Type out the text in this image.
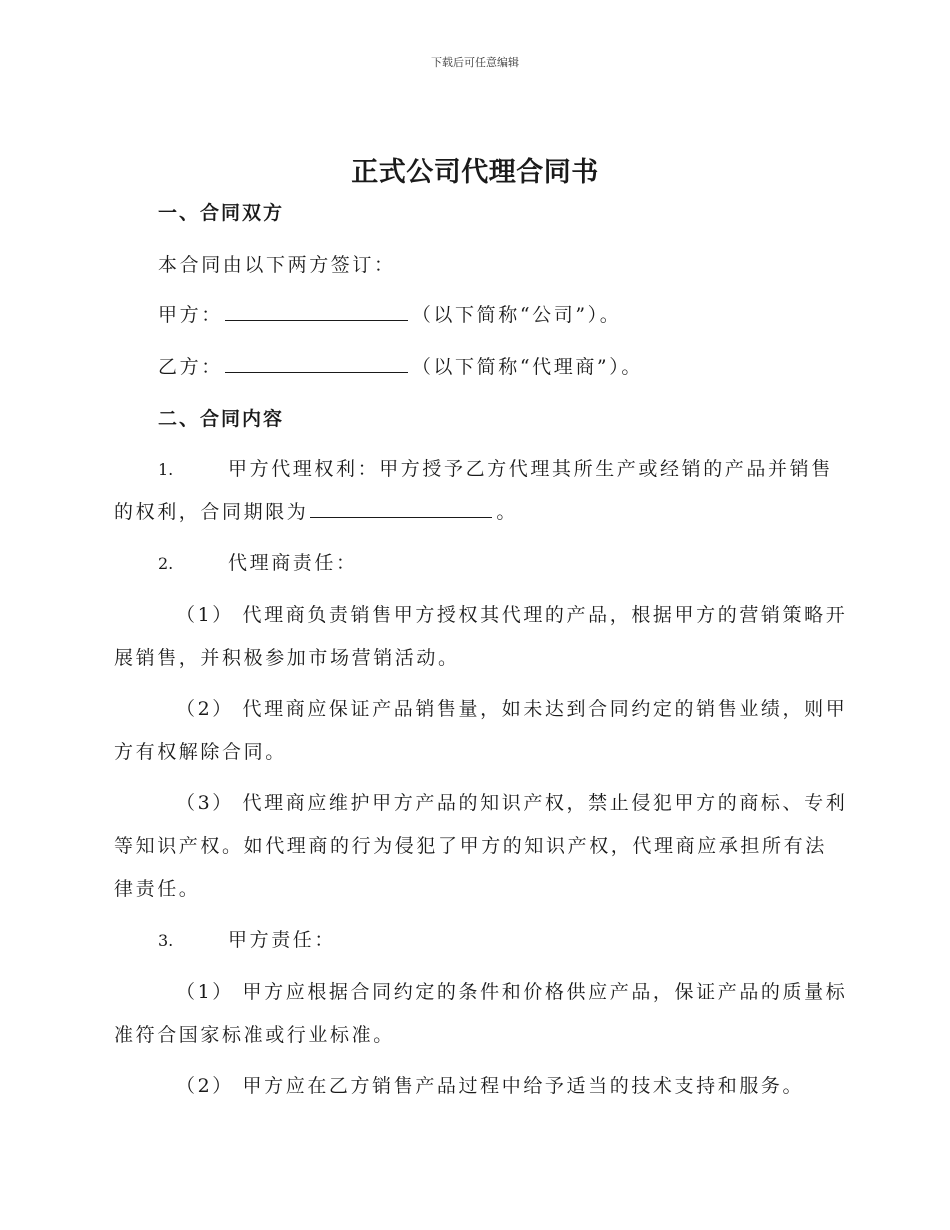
下载后可任意编辑
正式公司代理合同书
一、合同双方
本合同由以下两方签订：
甲方：	（以下简称“公司”）。
乙方：	（以下简称“代理商”）。
二、合同内容
1.	甲方代理权利：甲方授予乙方代理其所生产或经销的产品并销售
的权利，合同期限为	。
2.	代理商责任：
（1） 代理商负责销售甲方授权其代理的产品，根据甲方的营销策略开
展销售，并积极参加市场营销活动。
（2） 代理商应保证产品销售量，如未达到合同约定的销售业绩，则甲
方有权解除合同。
（3） 代理商应维护甲方产品的知识产权，禁止侵犯甲方的商标、专利
等知识产权。如代理商的行为侵犯了甲方的知识产权，代理商应承担所有法
律责任。
3.	甲方责任：
（1） 甲方应根据合同约定的条件和价格供应产品，保证产品的质量标
准符合国家标准或行业标准。
（2） 甲方应在乙方销售产品过程中给予适当的技术支持和服务。
